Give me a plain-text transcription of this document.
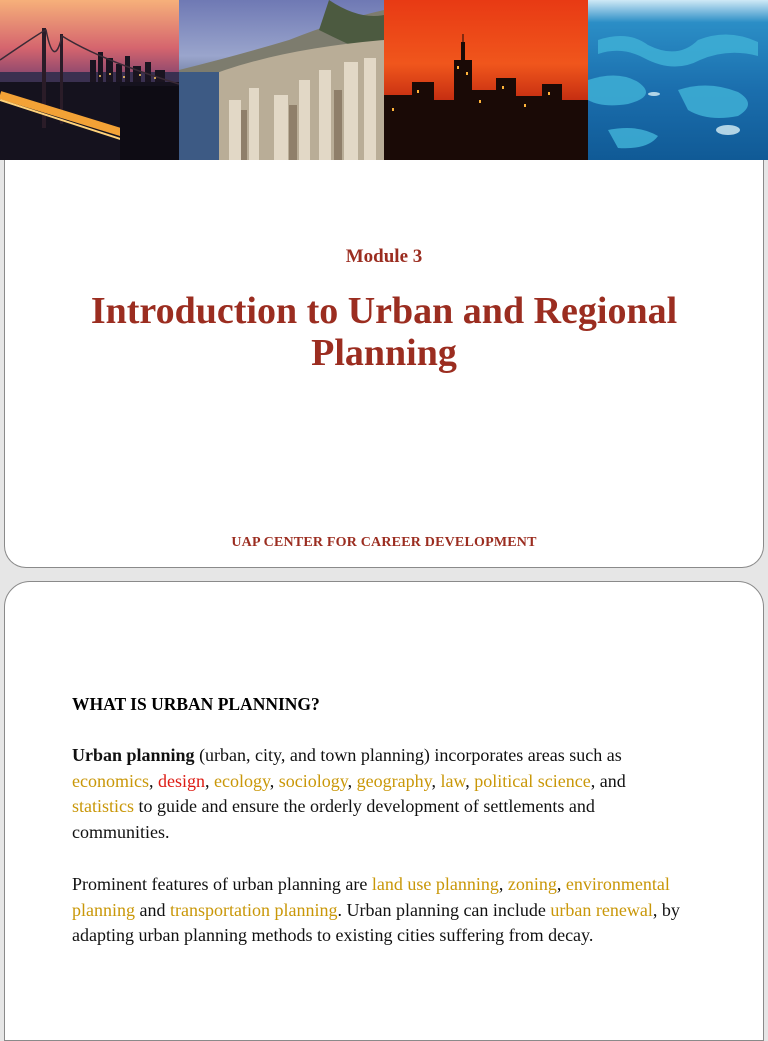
Module 3
Introduction to Urban and Regional
Planning
UAP CENTER FOR CAREER DEVELOPMENT
WHAT IS URBAN PLANNING?
Urban planning (urban, city, and town planning) incorporates areas such as economics, design, ecology, sociology, geography, law, political science, and statistics to guide and ensure the orderly development of settlements and communities.
Prominent features of urban planning are land use planning, zoning, environmental planning and transportation planning. Urban planning can include urban renewal, by adapting urban planning methods to existing cities suffering from decay.
